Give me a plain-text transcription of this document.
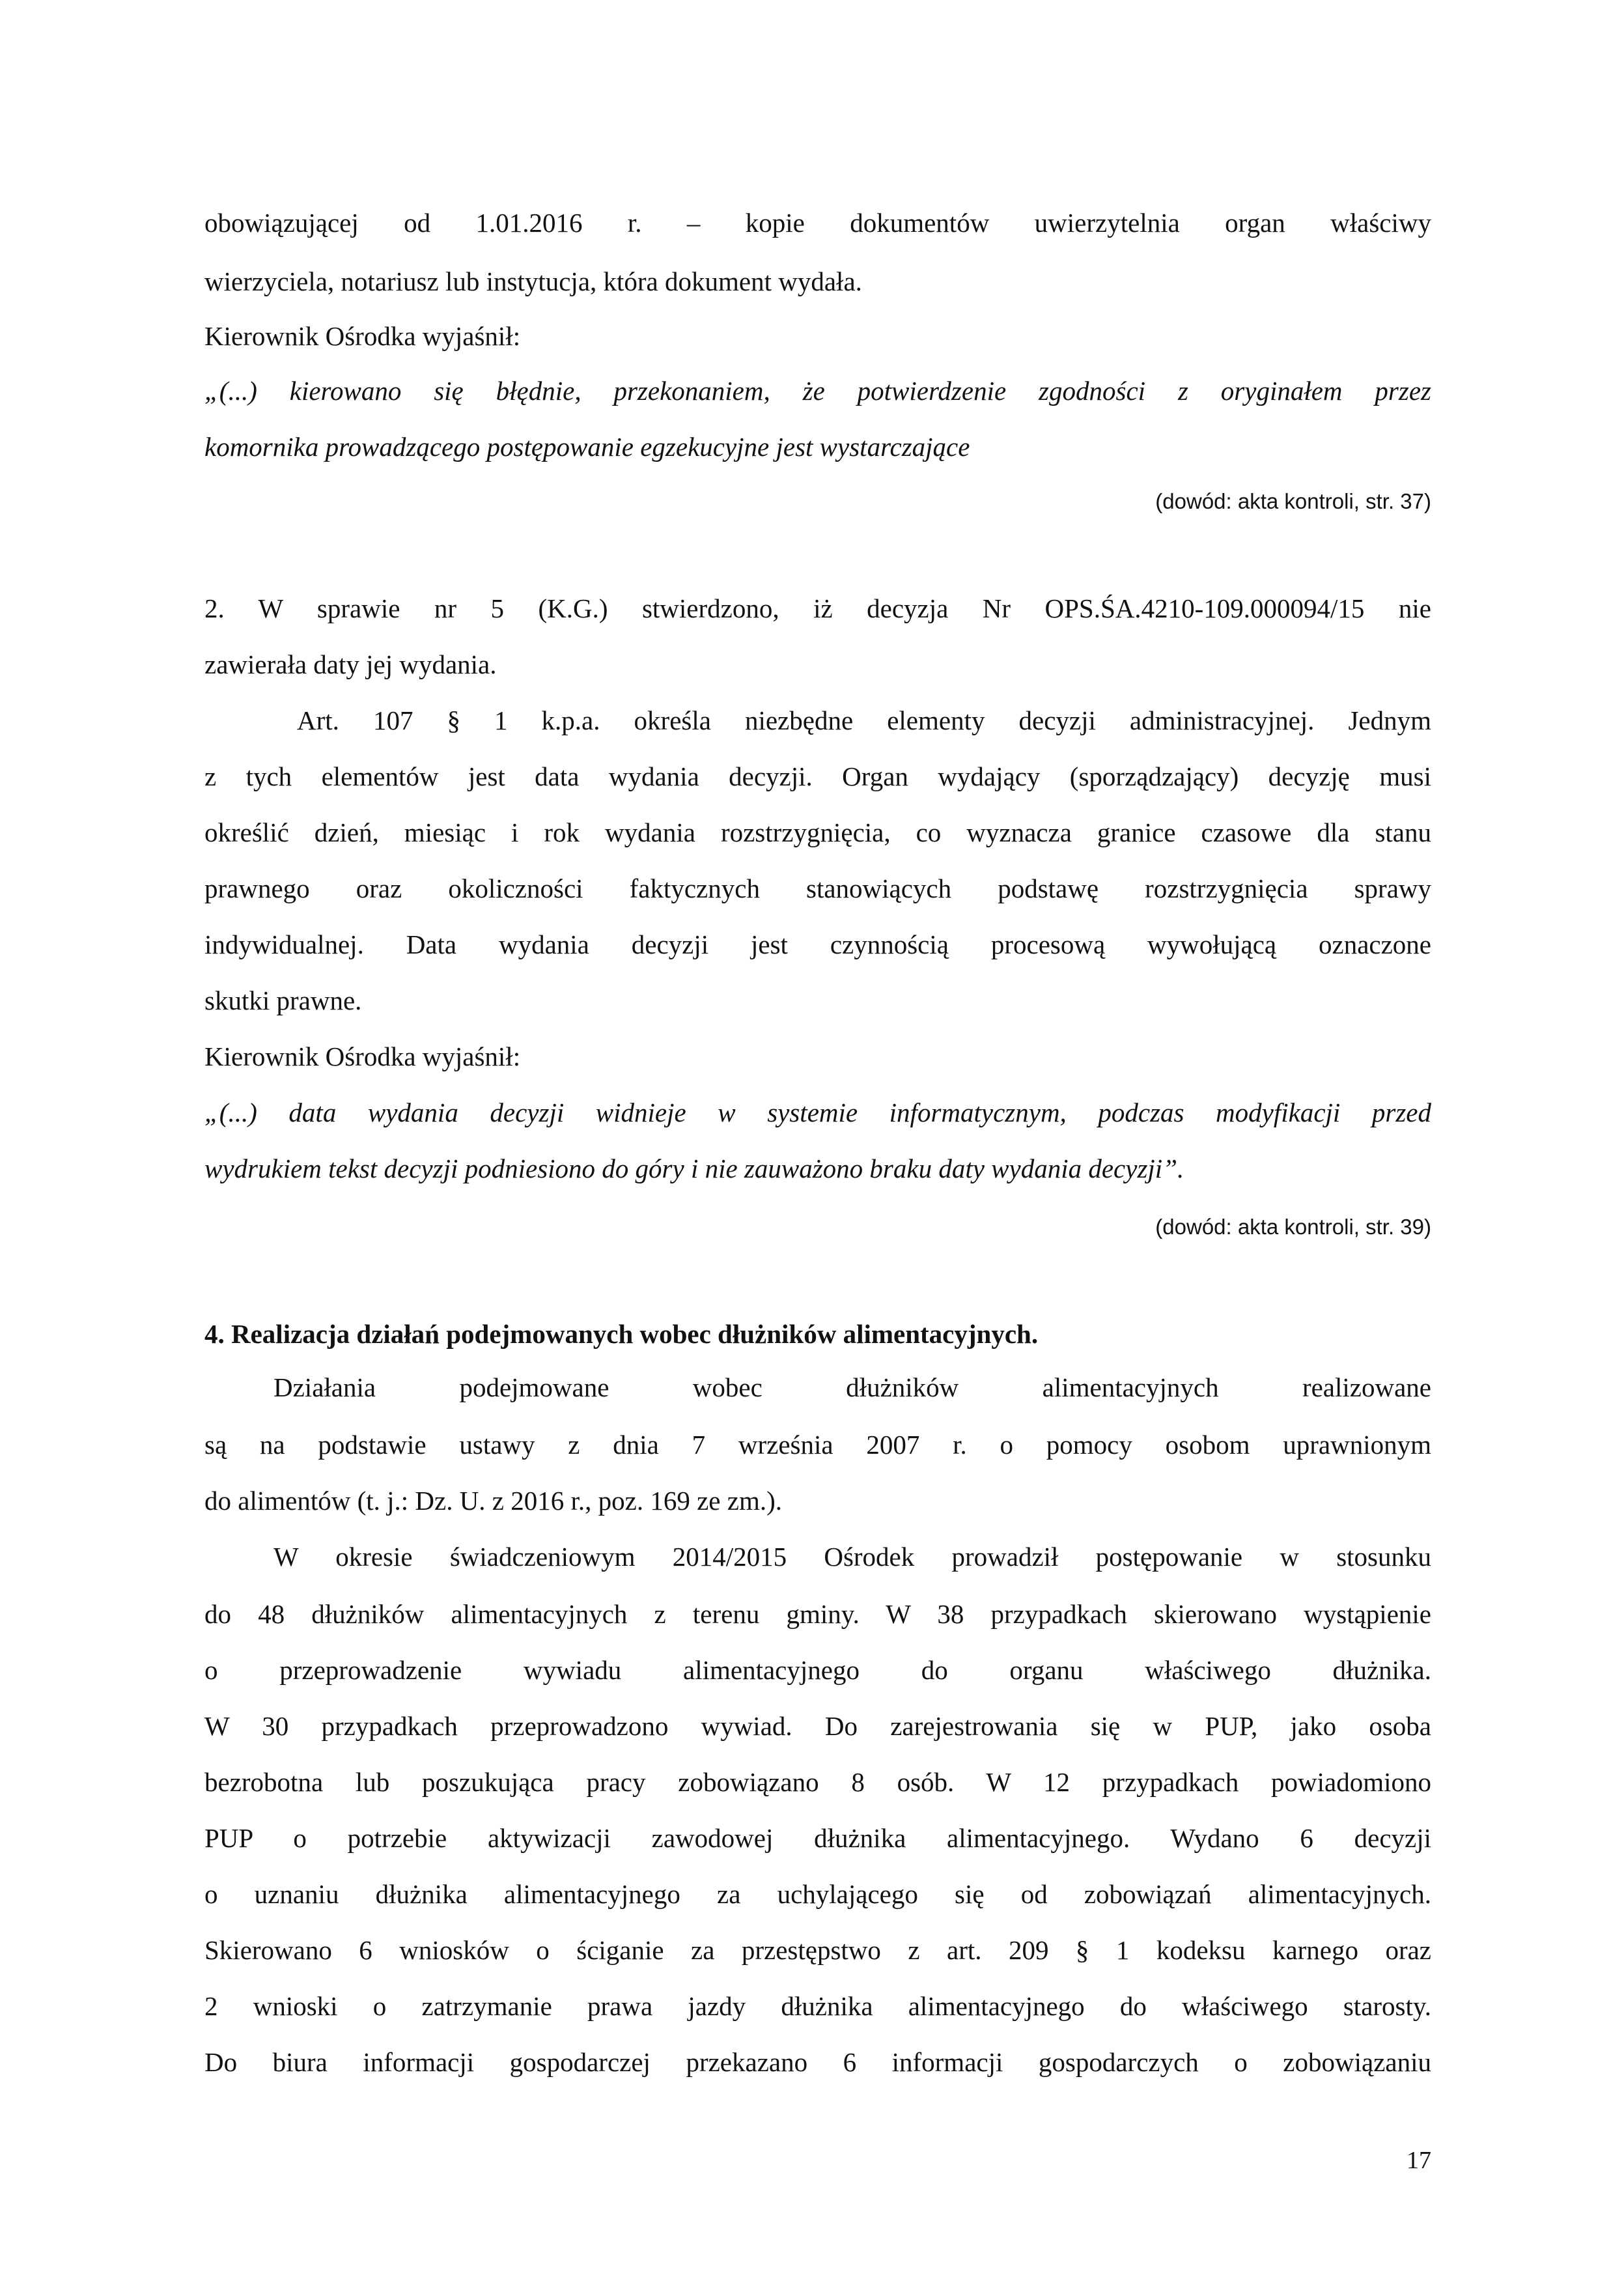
obowiązującej od 1.01.2016 r. – kopie dokumentów uwierzytelnia organ właściwy
wierzyciela, notariusz lub instytucja, która dokument wydała.
Kierownik Ośrodka wyjaśnił:
„(...) kierowano się błędnie, przekonaniem, że potwierdzenie zgodności z oryginałem przez
komornika prowadzącego postępowanie egzekucyjne jest wystarczające
(dowód: akta kontroli, str. 37)
2. W sprawie nr 5 (K.G.) stwierdzono, iż decyzja Nr OPS.ŚA.4210-109.000094/15 nie
zawierała daty jej wydania.
Art. 107 § 1 k.p.a. określa niezbędne elementy decyzji administracyjnej. Jednym
z tych elementów jest data wydania decyzji. Organ wydający (sporządzający) decyzję musi
określić dzień, miesiąc i rok wydania rozstrzygnięcia, co wyznacza granice czasowe dla stanu
prawnego oraz okoliczności faktycznych stanowiących podstawę rozstrzygnięcia sprawy
indywidualnej. Data wydania decyzji jest czynnością procesową wywołującą oznaczone
skutki prawne.
Kierownik Ośrodka wyjaśnił:
„(...) data wydania decyzji widnieje w systemie informatycznym, podczas modyfikacji przed
wydrukiem tekst decyzji podniesiono do góry i nie zauważono braku daty wydania decyzji”.
(dowód: akta kontroli, str. 39)
4. Realizacja działań podejmowanych wobec dłużników alimentacyjnych.
Działania podejmowane wobec dłużników alimentacyjnych realizowane
są na podstawie ustawy z dnia 7 września 2007 r. o pomocy osobom uprawnionym
do alimentów (t. j.: Dz. U. z 2016 r., poz. 169 ze zm.).
W okresie świadczeniowym 2014/2015 Ośrodek prowadził postępowanie w stosunku
do 48 dłużników alimentacyjnych z terenu gminy. W 38 przypadkach skierowano wystąpienie
o przeprowadzenie wywiadu alimentacyjnego do organu właściwego dłużnika.
W 30 przypadkach przeprowadzono wywiad. Do zarejestrowania się w PUP, jako osoba
bezrobotna lub poszukująca pracy zobowiązano 8 osób. W 12 przypadkach powiadomiono
PUP o potrzebie aktywizacji zawodowej dłużnika alimentacyjnego. Wydano 6 decyzji
o uznaniu dłużnika alimentacyjnego za uchylającego się od zobowiązań alimentacyjnych.
Skierowano 6 wniosków o ściganie za przestępstwo z art. 209 § 1 kodeksu karnego oraz
2 wnioski o zatrzymanie prawa jazdy dłużnika alimentacyjnego do właściwego starosty.
Do biura informacji gospodarczej przekazano 6 informacji gospodarczych o zobowiązaniu
17
